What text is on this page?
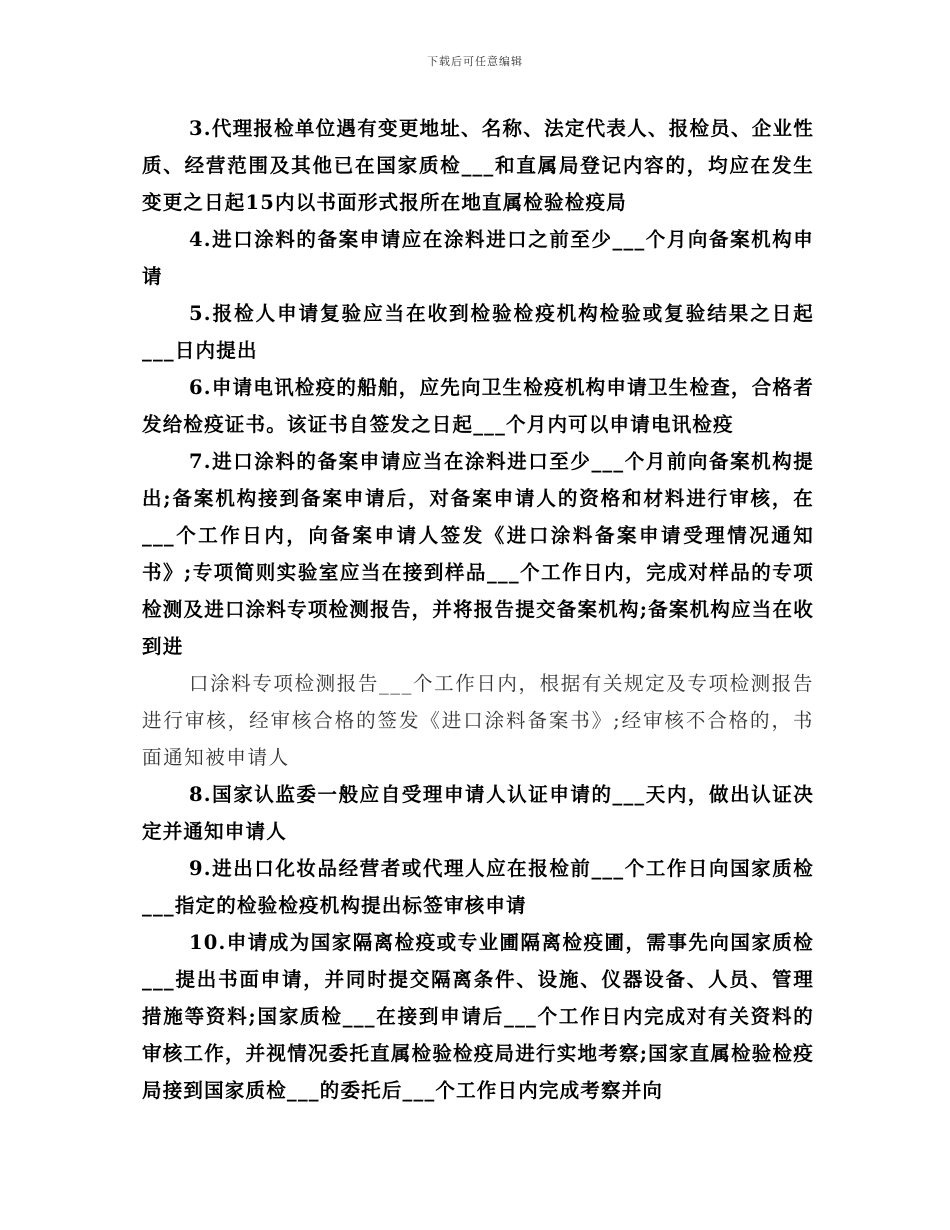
下载后可任意编辑

3.代理报检单位遇有变更地址、名称、法定代表人、报检员、企业性质、经营范围及其他已在国家质检___和直属局登记内容的，均应在发生变更之日起15内以书面形式报所在地直属检验检疫局

4.进口涂料的备案申请应在涂料进口之前至少___个月向备案机构申请

5.报检人申请复验应当在收到检验检疫机构检验或复验结果之日起___日内提出

6.申请电讯检疫的船舶，应先向卫生检疫机构申请卫生检查，合格者发给检疫证书。该证书自签发之日起___个月内可以申请电讯检疫

7.进口涂料的备案申请应当在涂料进口至少___个月前向备案机构提出;备案机构接到备案申请后，对备案申请人的资格和材料进行审核，在___个工作日内，向备案申请人签发《进口涂料备案申请受理情况通知书》;专项简则实验室应当在接到样品___个工作日内，完成对样品的专项检测及进口涂料专项检测报告，并将报告提交备案机构;备案机构应当在收到进

口涂料专项检测报告___个工作日内，根据有关规定及专项检测报告进行审核，经审核合格的签发《进口涂料备案书》;经审核不合格的，书面通知被申请人

8.国家认监委一般应自受理申请人认证申请的___天内，做出认证决定并通知申请人

9.进出口化妆品经营者或代理人应在报检前___个工作日向国家质检___指定的检验检疫机构提出标签审核申请

10.申请成为国家隔离检疫或专业圃隔离检疫圃，需事先向国家质检___提出书面申请，并同时提交隔离条件、设施、仪器设备、人员、管理措施等资料;国家质检___在接到申请后___个工作日内完成对有关资料的审核工作，并视情况委托直属检验检疫局进行实地考察;国家直属检验检疫局接到国家质检___的委托后___个工作日内完成考察并向
